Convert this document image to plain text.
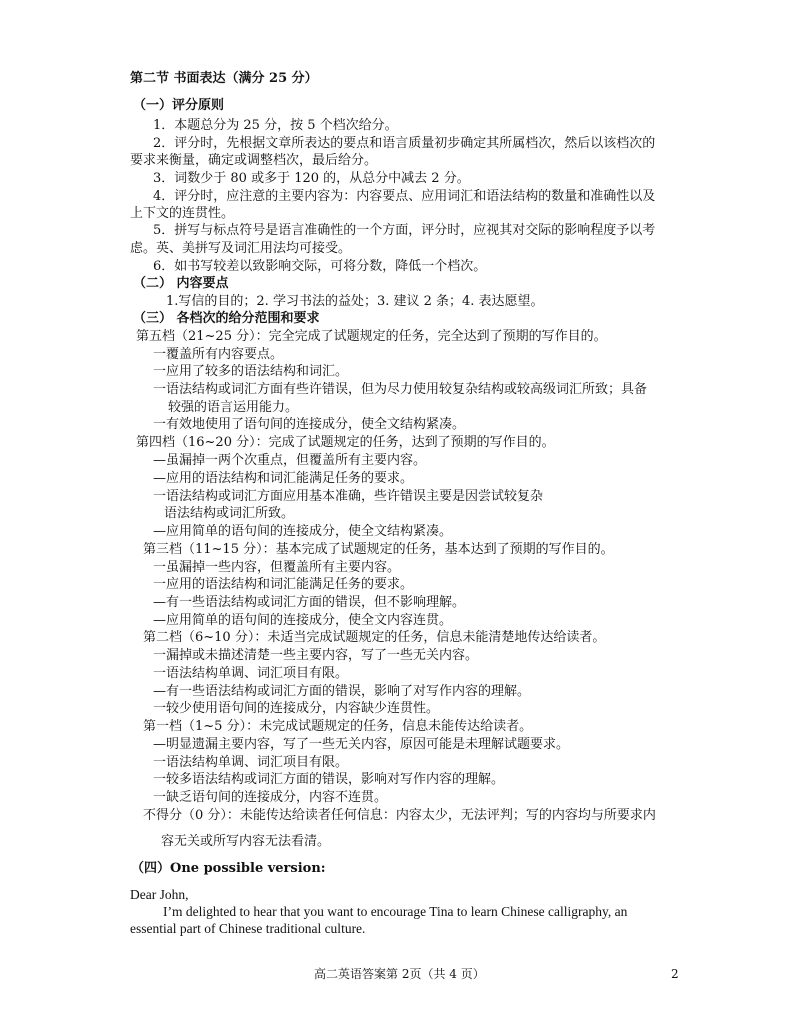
第二节 书面表达（满分 25 分）
（一）评分原则
1．本题总分为 25 分，按 5 个档次给分。
2．评分时，先根据文章所表达的要点和语言质量初步确定其所属档次，然后以该档次的
要求来衡量，确定或调整档次，最后给分。
3．词数少于 80 或多于 120 的，从总分中减去 2 分。
4．评分时，应注意的主要内容为：内容要点、应用词汇和语法结构的数量和准确性以及
上下文的连贯性。
5．拼写与标点符号是语言准确性的一个方面，评分时，应视其对交际的影响程度予以考
虑。英、美拼写及词汇用法均可接受。
6．如书写较差以致影响交际，可将分数，降低一个档次。
（二） 内容要点
1.写信的目的；2. 学习书法的益处；3. 建议 2 条；4. 表达愿望。
（三） 各档次的给分范围和要求
第五档（21~25 分）：完全完成了试题规定的任务，完全达到了预期的写作目的。
一覆盖所有内容要点。
一应用了较多的语法结构和词汇。
一语法结构或词汇方面有些许错误，但为尽力使用较复杂结构或较高级词汇所致；具备
较强的语言运用能力。
一有效地使用了语句间的连接成分，使全文结构紧凑。
第四档（16~20 分）：完成了试题规定的任务，达到了预期的写作目的。
—虽漏掉一两个次重点，但覆盖所有主要内容。
—应用的语法结构和词汇能满足任务的要求。
一语法结构或词汇方面应用基本准确，些许错误主要是因尝试较复杂
语法结构或词汇所致。
—应用简单的语句间的连接成分，使全文结构紧凑。
第三档（11~15 分）：基本完成了试题规定的任务，基本达到了预期的写作目的。
一虽漏掉一些内容，但覆盖所有主要内容。
一应用的语法结构和词汇能满足任务的要求。
—有一些语法结构或词汇方面的错误，但不影响理解。
—应用简单的语句间的连接成分，使全文内容连贯。
第二档（6~10 分）：未适当完成试题规定的任务，信息未能清楚地传达给读者。
一漏掉或未描述清楚一些主要内容，写了一些无关内容。
一语法结构单调、词汇项目有限。
—有一些语法结构或词汇方面的错误，影响了对写作内容的理解。
一较少使用语句间的连接成分，内容缺少连贯性。
第一档（1~5 分）：未完成试题规定的任务，信息未能传达给读者。
—明显遗漏主要内容，写了一些无关内容，原因可能是未理解试题要求。
一语法结构单调、词汇项目有限。
一较多语法结构或词汇方面的错误，影响对写作内容的理解。
一缺乏语句间的连接成分，内容不连贯。
不得分（0 分）：未能传达给读者任何信息：内容太少，无法评判；写的内容均与所要求内
容无关或所写内容无法看清。
（四）One possible version:
Dear John,
I’m delighted to hear that you want to encourage Tina to learn Chinese calligraphy, an
essential part of Chinese traditional culture.
高二英语答案第 2页（共 4 页）	2
